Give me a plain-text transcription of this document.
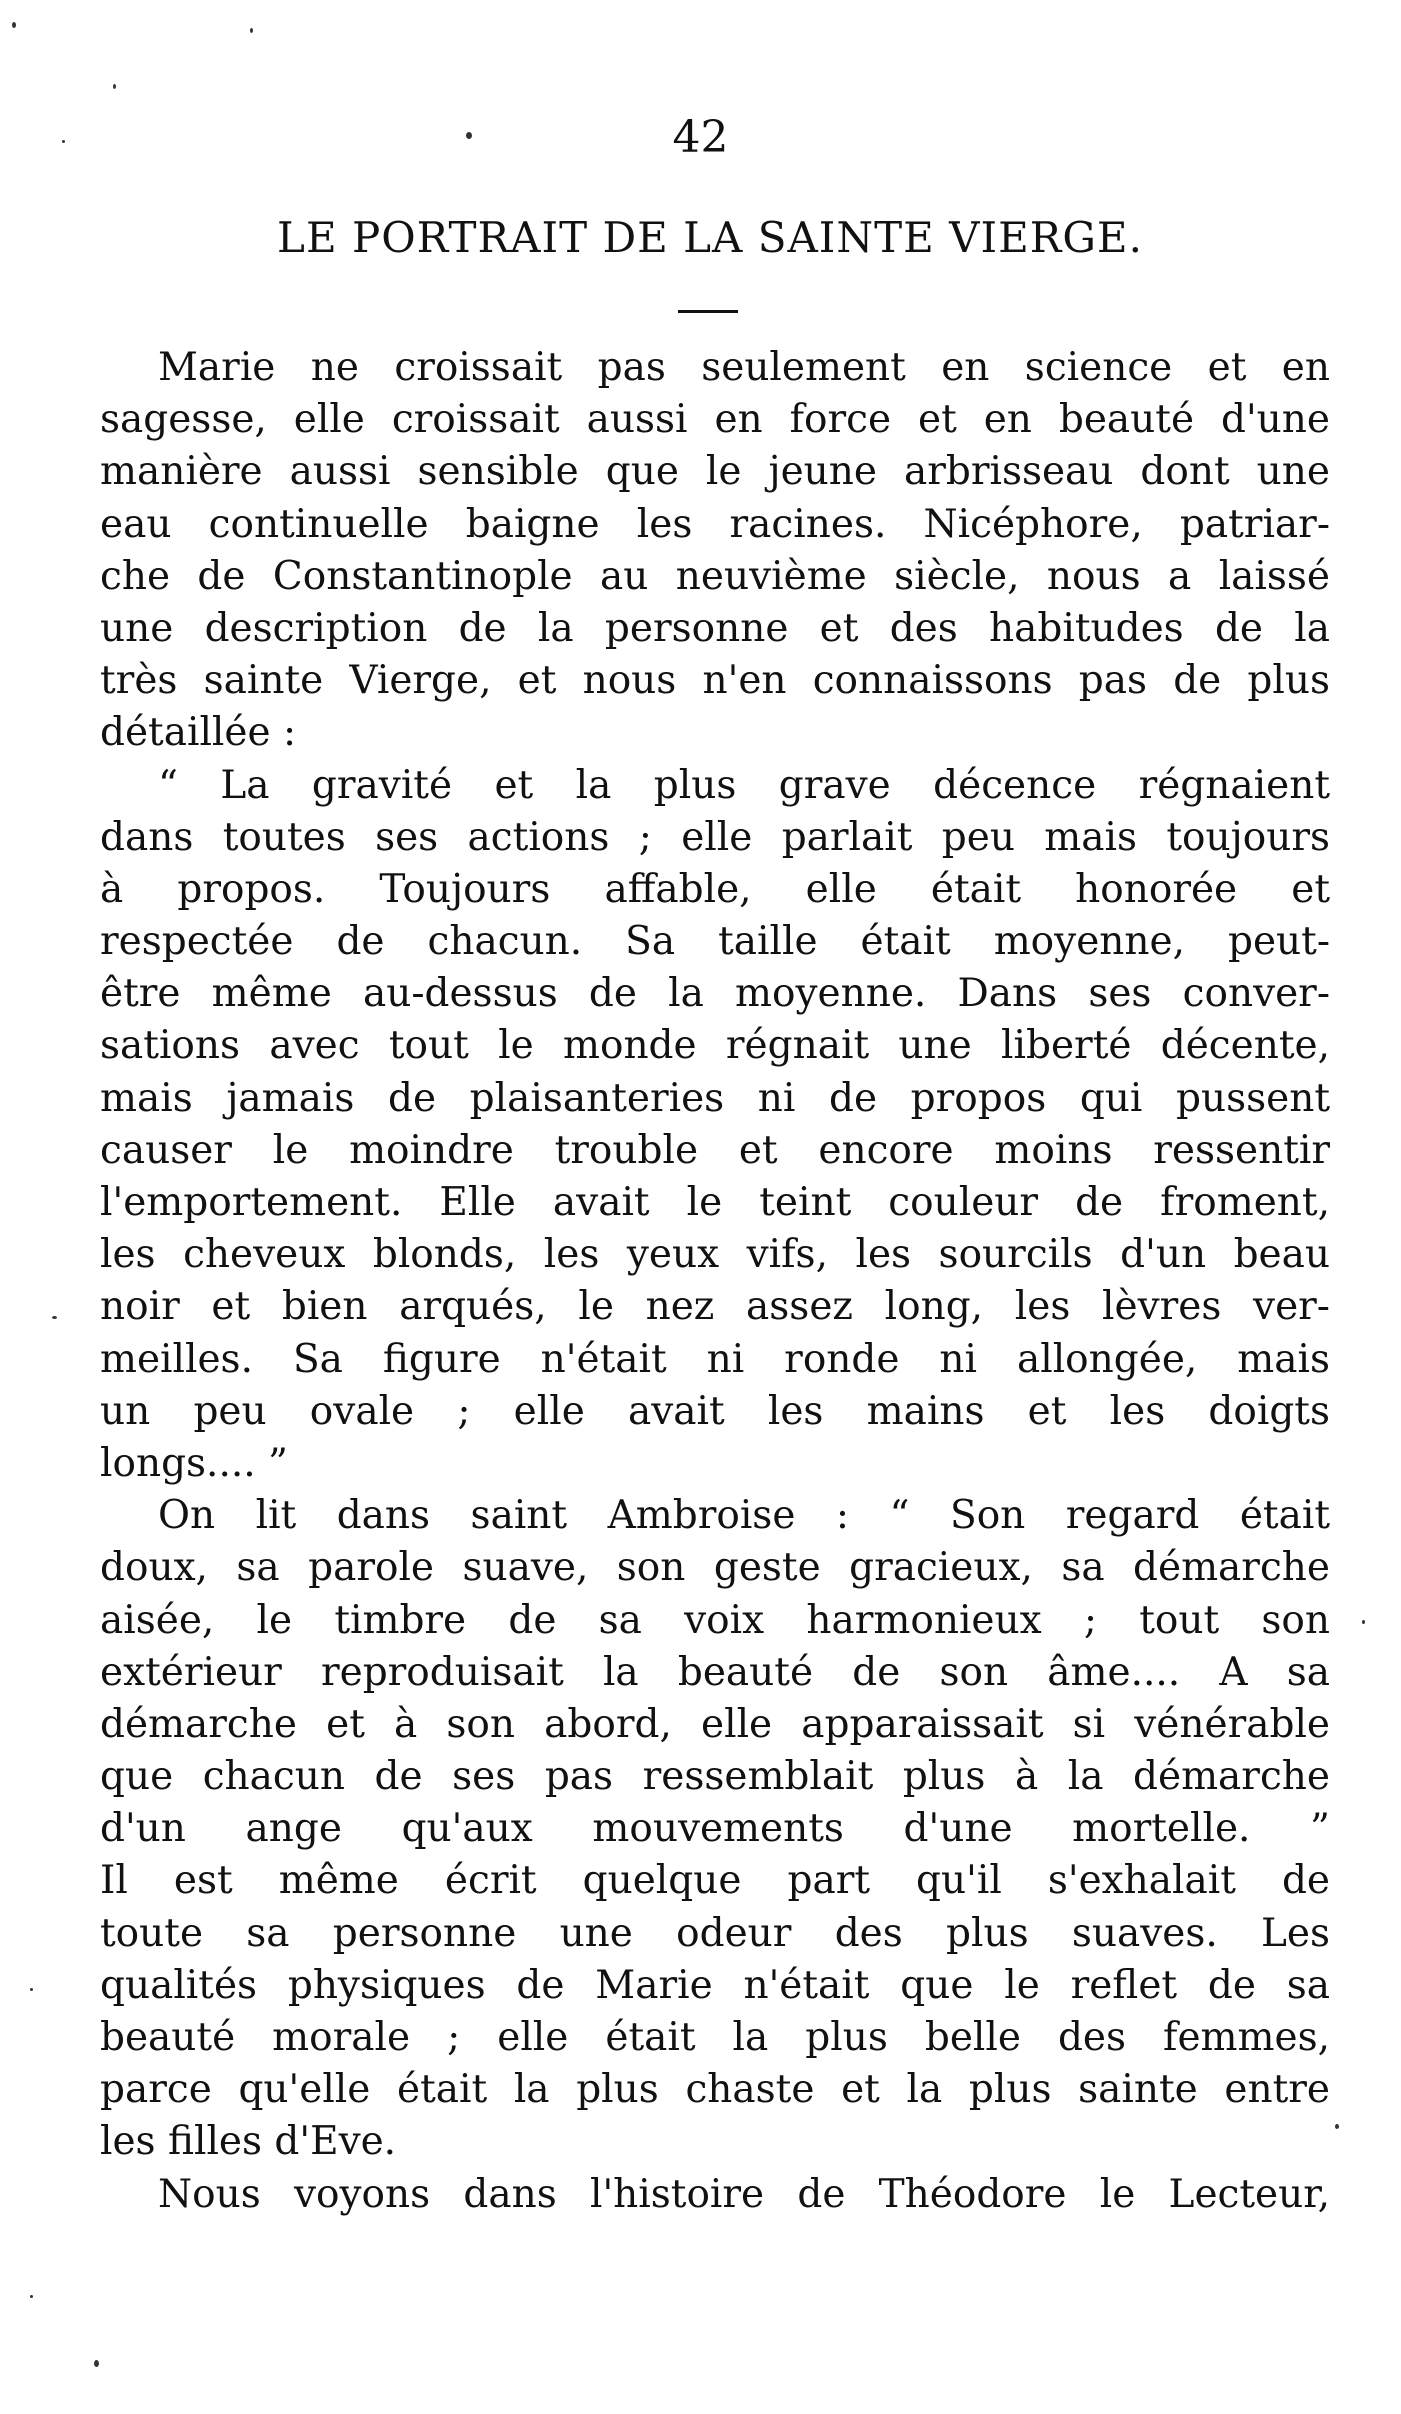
42
LE PORTRAIT DE LA SAINTE VIERGE.
Marie ne croissait pas seulement en science et en
sagesse, elle croissait aussi en force et en beauté d'une
manière aussi sensible que le jeune arbrisseau dont une
eau continuelle baigne les racines. Nicéphore, patriar-
che de Constantinople au neuvième siècle, nous a laissé
une description de la personne et des habitudes de la
très sainte Vierge, et nous n'en connaissons pas de plus
détaillée :
“ La gravité et la plus grave décence régnaient
dans toutes ses actions ; elle parlait peu mais toujours
à propos. Toujours affable, elle était honorée et
respectée de chacun. Sa taille était moyenne, peut-
être même au-dessus de la moyenne. Dans ses conver-
sations avec tout le monde régnait une liberté décente,
mais jamais de plaisanteries ni de propos qui pussent
causer le moindre trouble et encore moins ressentir
l'emportement. Elle avait le teint couleur de froment,
les cheveux blonds, les yeux vifs, les sourcils d'un beau
noir et bien arqués, le nez assez long, les lèvres ver-
meilles. Sa figure n'était ni ronde ni allongée, mais
un peu ovale ; elle avait les mains et les doigts
longs.... ”
On lit dans saint Ambroise : “ Son regard était
doux, sa parole suave, son geste gracieux, sa démarche
aisée, le timbre de sa voix harmonieux ; tout son
extérieur reproduisait la beauté de son âme.... A sa
démarche et à son abord, elle apparaissait si vénérable
que chacun de ses pas ressemblait plus à la démarche
d'un ange qu'aux mouvements d'une mortelle. ”
Il est même écrit quelque part qu'il s'exhalait de
toute sa personne une odeur des plus suaves. Les
qualités physiques de Marie n'était que le reflet de sa
beauté morale ; elle était la plus belle des femmes,
parce qu'elle était la plus chaste et la plus sainte entre
les filles d'Eve.
Nous voyons dans l'histoire de Théodore le Lecteur,
